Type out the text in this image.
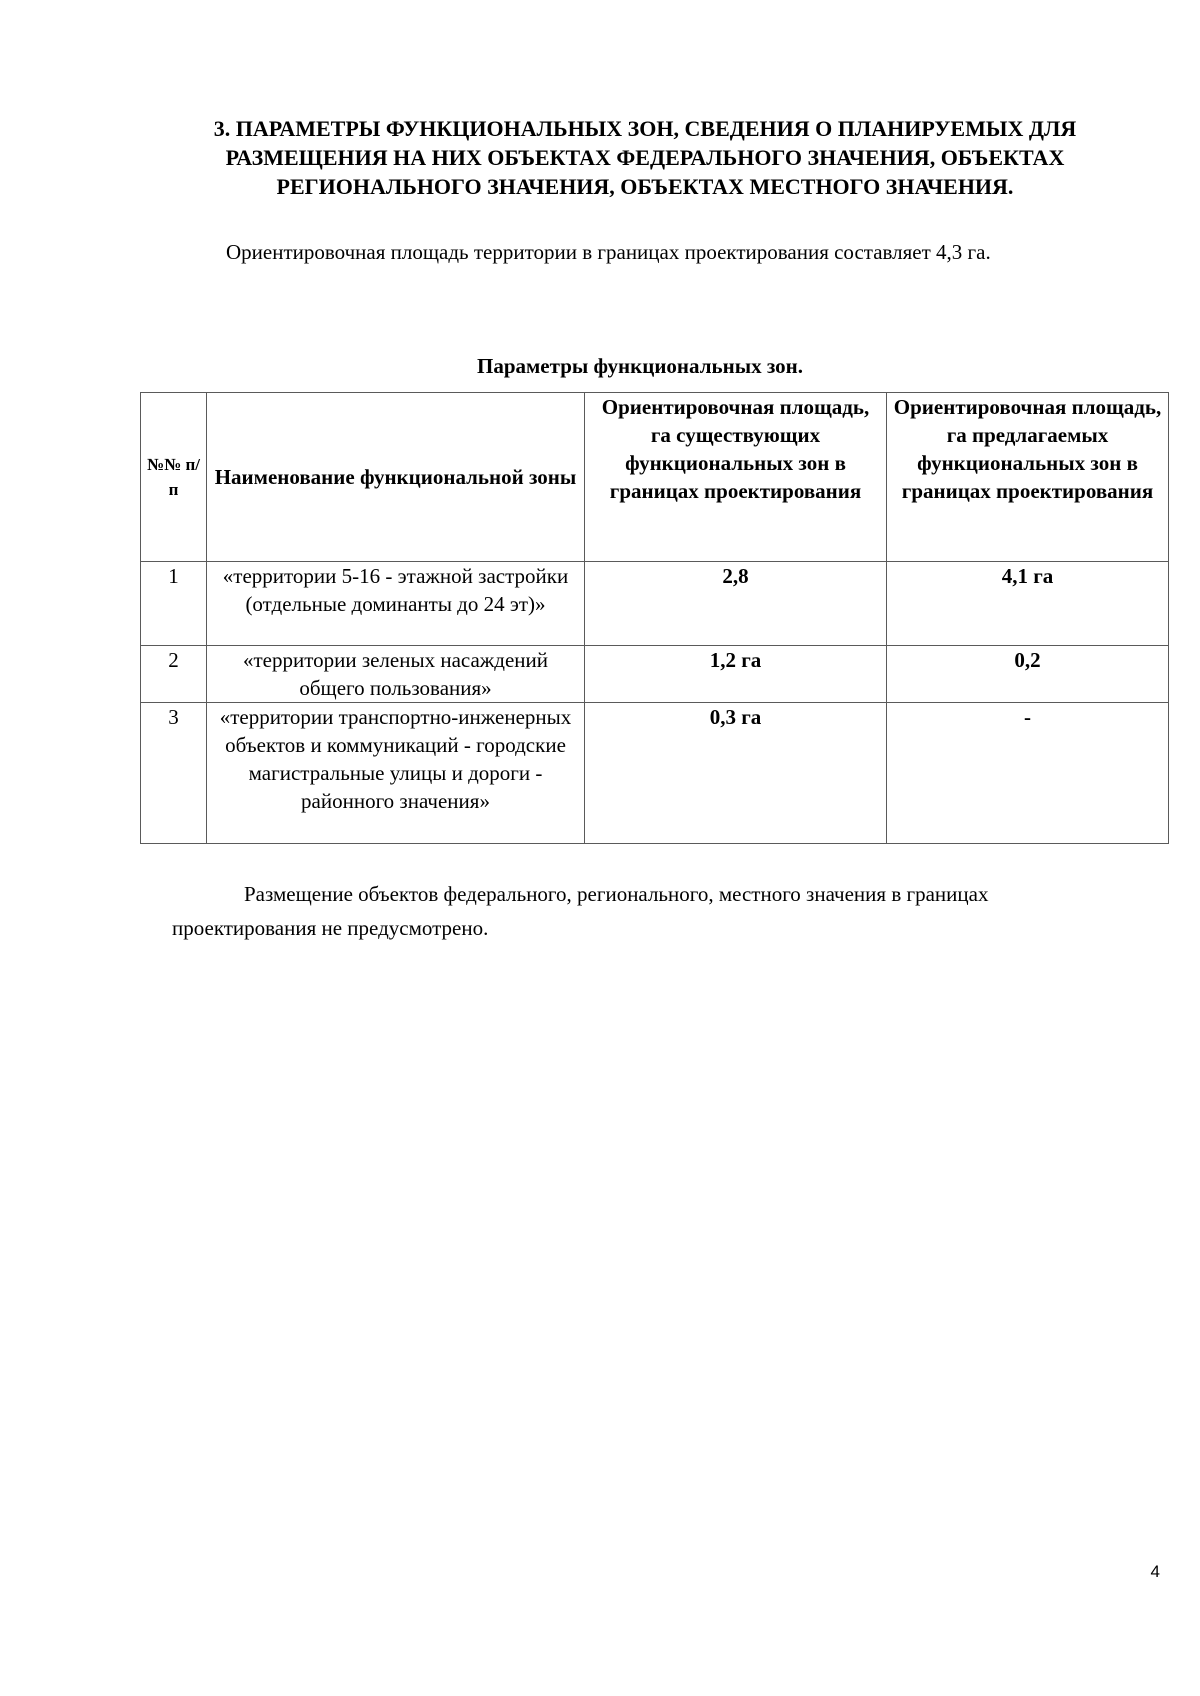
3. ПАРАМЕТРЫ ФУНКЦИОНАЛЬНЫХ ЗОН, СВЕДЕНИЯ О ПЛАНИРУЕМЫХ ДЛЯ
РАЗМЕЩЕНИЯ НА НИХ ОБЪЕКТАХ ФЕДЕРАЛЬНОГО ЗНАЧЕНИЯ, ОБЪЕКТАХ
РЕГИОНАЛЬНОГО ЗНАЧЕНИЯ, ОБЪЕКТАХ МЕСТНОГО ЗНАЧЕНИЯ.

Ориентировочная площадь территории в границах проектирования составляет 4,3 га.

Параметры функциональных зон.

№№ п/п	Наименование функциональной зоны	Ориентировочная площадь, га существующих функциональных зон в границах проектирования	Ориентировочная площадь, га предлагаемых функциональных зон в границах проектирования
1	«территории 5-16 - этажной застройки (отдельные доминанты до 24 эт)»	2,8	4,1 га
2	«территории зеленых насаждений общего пользования»	1,2 га	0,2
3	«территории транспортно-инженерных объектов и коммуникаций - городские магистральные улицы и дороги - районного значения»	0,3 га	-

Размещение объектов федерального, регионального, местного значения в границах проектирования не предусмотрено.

4
